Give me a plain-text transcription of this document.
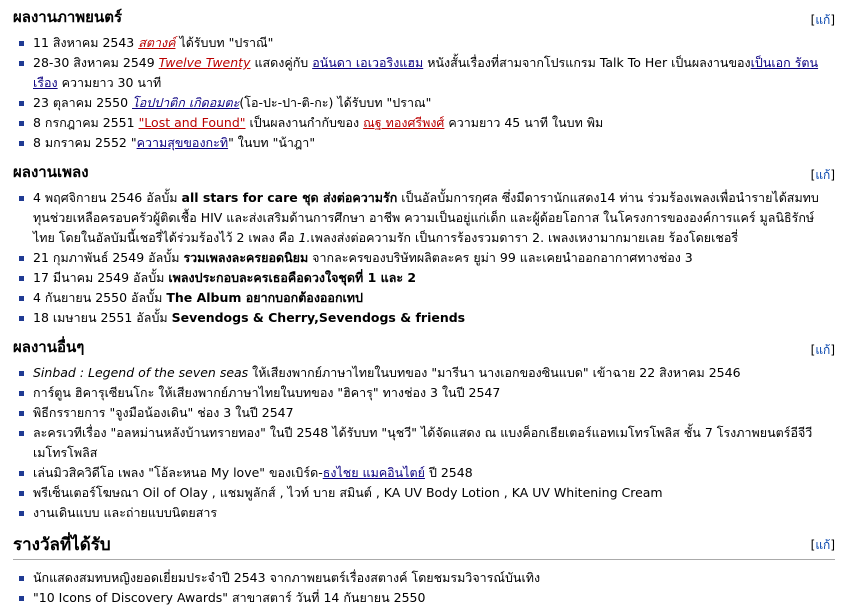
ผลงานภาพยนตร์	[แก้]
11 สิงหาคม 2543 สตางค์ ได้รับบท "ปราณี"
28-30 สิงหาคม 2549 Twelve Twenty แสดงคู่กับ อนันดา เอเวอริงแฮม หนังสั้นเรื่องที่สามจากโปรแกรม Talk To Her เป็นผลงานของเป็นเอก รัตนเรือง ความยาว 30 นาที
23 ตุลาคม 2550 โอปปาติก เกิดอมตะ(โอ-ปะ-ปา-ติ-กะ) ได้รับบท "ปราณ"
8 กรกฎาคม 2551 "Lost and Found" เป็นผลงานกำกับของ ณฐ ทองศรีพงศ์ ความยาว 45 นาที ในบท พิม
8 มกราคม 2552 "ความสุขของกะทิ" ในบท "น้าฎา"
ผลงานเพลง	[แก้]
4 พฤศจิกายน 2546 อัลบั้ม all stars for care ชุด ส่งต่อความรัก เป็นอัลบั้มการกุศล ซึ่งมีดารานักแสดง14 ท่าน ร่วมร้องเพลงเพื่อนำรายได้สมทบทุนช่วยเหลือครอบครัวผู้ติดเชื้อ HIV และส่งเสริมด้านการศึกษา อาชีพ ความเป็นอยู่แก่เด็ก และผู้ด้อยโอกาส ในโครงการขององค์การแคร์ มูลนิธิรักษ์ไทย โดยในอัลบัมนี้เชอรี่ได้ร่วมร้องไว้ 2 เพลง คือ 1.เพลงส่งต่อความรัก เป็นการร้องรวมดารา 2. เพลงเหงามากมายเลย ร้องโดยเชอรี่
21 กุมภาพันธ์ 2549 อัลบั้ม รวมเพลงละครยอดนิยม จากละครของบริษัทผลิตละคร ยูม่า 99 และเคยนำออกอากาศทางช่อง 3
17 มีนาคม 2549 อัลบั้ม เพลงประกอบละครเธอคือดวงใจชุดที่ 1 และ 2
4 กันยายน 2550 อัลบั้ม The Album อยากบอกต้องออกเทป
18 เมษายน 2551 อัลบั้ม Sevendogs & Cherry,Sevendogs & friends
ผลงานอื่นๆ	[แก้]
Sinbad : Legend of the seven seas ให้เสียงพากย์ภาษาไทยในบทของ "มารีนา นางเอกของซินแบด" เข้าฉาย 22 สิงหาคม 2546
การ์ตูน ฮิคารุเซียนโกะ ให้เสียงพากย์ภาษาไทยในบทของ "ฮิคารุ" ทางช่อง 3 ในปี 2547
พิธีกรรายการ "จูงมือน้องเดิน" ช่อง 3 ในปี 2547
ละครเวทีเรื่อง "อลหม่านหลังบ้านทรายทอง" ในปี 2548 ได้รับบท "นุชวี" ได้จัดแสดง ณ แบงค็อกเธียเตอร์แอทเมโทรโพลิส ชั้น 7 โรงภาพยนตร์อีจีวี เมโทรโพลิส
เล่นมิวสิควิดีโอ เพลง "โอ้ละหนอ My love" ของเบิร์ด-ธงไชย แมคอินไตย์ ปี 2548
พรีเซ็นเตอร์โฆษณา Oil of Olay , แชมพูลักส์ , ไวท์ บาย สมินต์ , KA UV Body Lotion , KA UV Whitening Cream
งานเดินแบบ และถ่ายแบบนิตยสาร
รางวัลที่ได้รับ	[แก้]
นักแสดงสมทบหญิงยอดเยี่ยมประจำปี 2543 จากภาพยนตร์เรื่องสตางค์ โดยชมรมวิจารณ์บันเทิง
"10 Icons of Discovery Awards" สาขาสตาร์ วันที่ 14 กันยายน 2550
